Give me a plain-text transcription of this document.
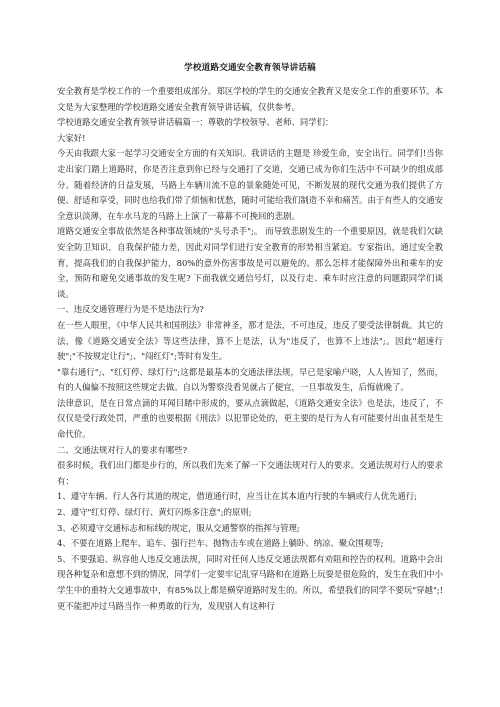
学校道路交通安全教育领导讲话稿

安全教育是学校工作的一个重要组成部分。郑区学校的学生的交通安全教育又是安全工作的重要环节。本文是为大家整理的学校道路交通安全教育领导讲话稿，仅供参考。

学校道路交通安全教育领导讲话稿篇一：尊敬的学校领导、老师、同学们：

大家好!

今天由我跟大家一起学习交通安全方面的有关知识。我讲话的主题是 珍爱生命，安全出行。同学们!当你走出家门踏上道路时，你是否注意到你已经与交通打了交道，交通已成为你们生活中不可缺少的组成部分。随着经济的日益发展，马路上车辆川流不息的景象随处可见，不断发展的现代交通为我们提供了方便、舒适和享受，同时也给我们带了烦恼和忧愁，随时可能给我们制造不幸和痛苦。由于有些人的交通安全意识淡薄，在车水马龙的马路上上演了一幕幕不可挽回的悲剧。

道路交通安全事故依然是各种事故领域的"头号杀手";。 而导致悲剧发生的一个重要原因，就是我们欠缺安全防卫知识，自我保护能力差，因此对同学们进行安全教育的形势相当紧迫。专家指出，通过安全教育，提高我们的自我保护能力，80%的意外伤害事故是可以避免的。那么怎样才能保障外出和乘车的安全，预防和避免交通事故的发生呢? 下面我就交通信号灯，以及行走、乘车时应注意的问题跟同学们谈谈。

一、违反交通管理行为是不是违法行为?

在一些人眼里，《中华人民共和国刑法》非常神圣，那才是法，不可违反，违反了要受法律制裁。其它的法，像《道路交通安全法》等这些法律，算不上是法，认为"违反了，也算不上违法";。因此"超速行驶";"不按规定让行";、"闯红灯";等时有发生。

"靠右通行";、"红灯停、绿灯行";这都是最基本的交通法律法规，早已是家喻户晓，人人皆知了，然而，有的人偏偏不按照这些规定去做。自以为警察没看见就占了便宜，一旦事故发生，后悔就晚了。

法律意识，是在日常点滴的耳闻目睹中形成的，要从点滴做起，《道路交通安全法》也是法，违反了，不仅仅是受行政处罚，严重的也要根据《刑法》以犯罪论处的，更主要的是行为人有可能要付出血甚至是生命代价。

二、交通法规对行人的要求有哪些?

很多时候，我们出门都是步行的，所以我们先来了解一下交通法规对行人的要求。交通法规对行人的要求有：

1、遵守车辆、行人各行其道的规定，借道通行时，应当让在其本道内行驶的车辆或行人优先通行;

2、遵守"红灯停、绿灯行、黄灯闪烁多注意";的原则;

3、必须遵守交通标志和标线的规定，服从交通警察的指挥与管理;

4、不要在道路上爬车、追车、强行拦车、抛物击车或在道路上躺卧、纳凉、聚众围观等;

5、不要强追、纵容他人违反交通法规，同时对任何人违反交通法规都有劝阻和控告的权利。道路中会出现各种复杂和意想不到的情况，同学们一定要牢记乱穿马路和在道路上玩耍是很危险的，发生在我们中小学生中的重特大交通事故中，有85%以上都是横穿道路时发生的。所以，希望我们的同学不要玩"穿越";! 更不能把冲过马路当作一种勇敢的行为，发现别人有这种行
